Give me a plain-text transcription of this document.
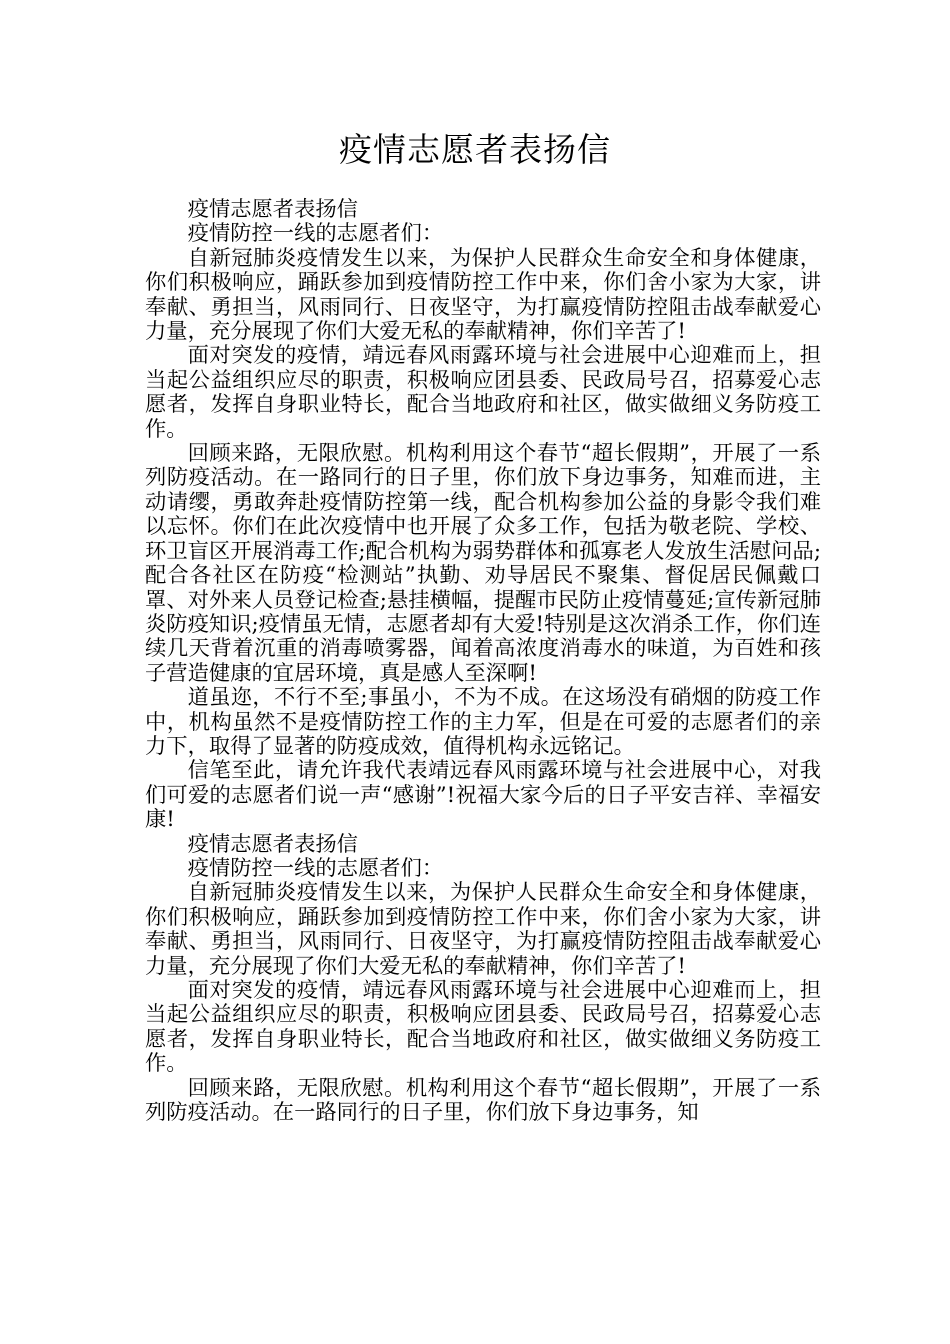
疫情志愿者表扬信

疫情志愿者表扬信

疫情防控一线的志愿者们：

自新冠肺炎疫情发生以来，为保护人民群众生命安全和身体健康，你们积极响应，踊跃参加到疫情防控工作中来，你们舍小家为大家，讲奉献、勇担当，风雨同行、日夜坚守，为打赢疫情防控阻击战奉献爱心力量，充分展现了你们大爱无私的奉献精神，你们辛苦了!

面对突发的疫情，靖远春风雨露环境与社会进展中心迎难而上，担当起公益组织应尽的职责，积极响应团县委、民政局号召，招募爱心志愿者，发挥自身职业特长，配合当地政府和社区，做实做细义务防疫工作。

回顾来路，无限欣慰。机构利用这个春节“超长假期”，开展了一系列防疫活动。在一路同行的日子里，你们放下身边事务，知难而进，主动请缨，勇敢奔赴疫情防控第一线，配合机构参加公益的身影令我们难以忘怀。你们在此次疫情中也开展了众多工作，包括为敬老院、学校、环卫盲区开展消毒工作;配合机构为弱势群体和孤寡老人发放生活慰问品;配合各社区在防疫“检测站”执勤、劝导居民不聚集、督促居民佩戴口罩、对外来人员登记检查;悬挂横幅，提醒市民防止疫情蔓延;宣传新冠肺炎防疫知识;疫情虽无情，志愿者却有大爱!特别是这次消杀工作，你们连续几天背着沉重的消毒喷雾器，闻着高浓度消毒水的味道，为百姓和孩子营造健康的宜居环境，真是感人至深啊!

道虽迩，不行不至;事虽小，不为不成。在这场没有硝烟的防疫工作中，机构虽然不是疫情防控工作的主力军，但是在可爱的志愿者们的亲力下，取得了显著的防疫成效，值得机构永远铭记。

信笔至此，请允许我代表靖远春风雨露环境与社会进展中心，对我们可爱的志愿者们说一声“感谢”!祝福大家今后的日子平安吉祥、幸福安康!

疫情志愿者表扬信

疫情防控一线的志愿者们：

自新冠肺炎疫情发生以来，为保护人民群众生命安全和身体健康，你们积极响应，踊跃参加到疫情防控工作中来，你们舍小家为大家，讲奉献、勇担当，风雨同行、日夜坚守，为打赢疫情防控阻击战奉献爱心力量，充分展现了你们大爱无私的奉献精神，你们辛苦了!

面对突发的疫情，靖远春风雨露环境与社会进展中心迎难而上，担当起公益组织应尽的职责，积极响应团县委、民政局号召，招募爱心志愿者，发挥自身职业特长，配合当地政府和社区，做实做细义务防疫工作。

回顾来路，无限欣慰。机构利用这个春节“超长假期”，开展了一系列防疫活动。在一路同行的日子里，你们放下身边事务，知
